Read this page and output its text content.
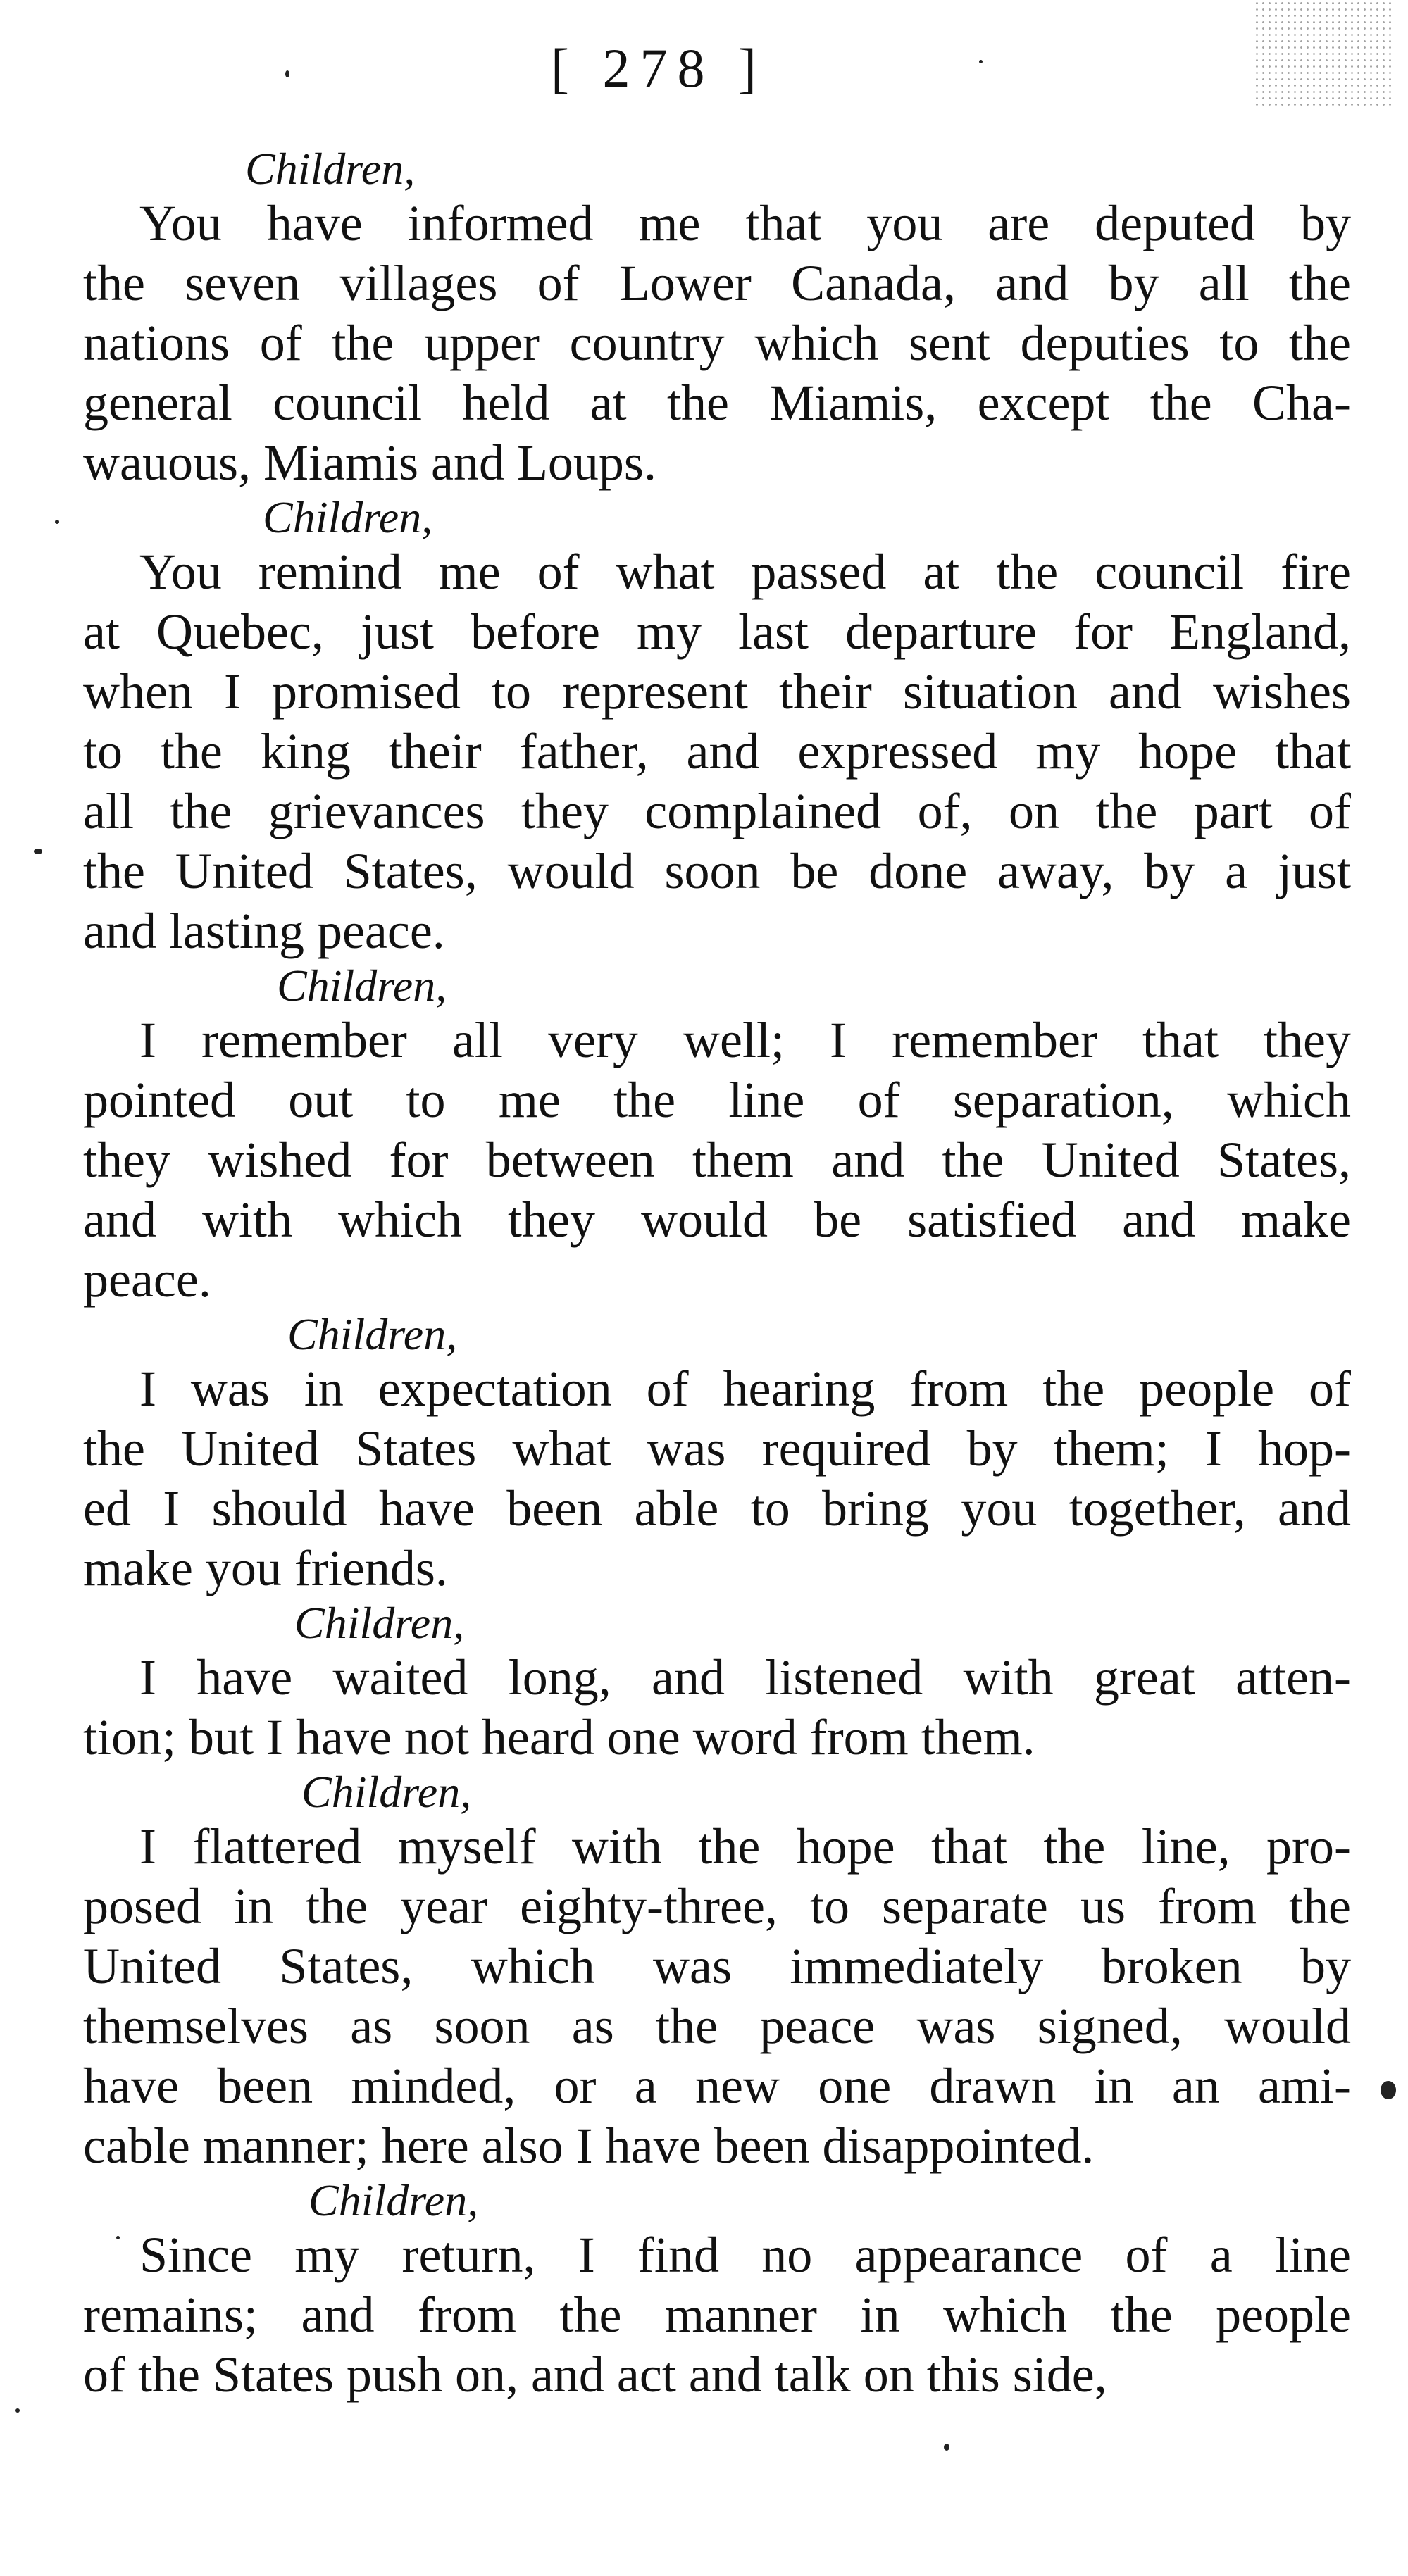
[ 278 ]
Children,
You have informed me that you are deputed by
the seven villages of Lower Canada, and by all the
nations of the upper country which sent deputies to the
general council held at the Miamis, except the Cha-
wauous, Miamis and Loups.
Children,
You remind me of what passed at the council fire
at Quebec, just before my last departure for England,
when I promised to represent their situation and wishes
to the king their father, and expressed my hope that
all the grievances they complained of, on the part of
the United States, would soon be done away, by a just
and lasting peace.
Children,
I remember all very well; I remember that they
pointed out to me the line of separation, which
they wished for between them and the United States,
and with which they would be satisfied and make
peace.
Children,
I was in expectation of hearing from the people of
the United States what was required by them; I hop-
ed I should have been able to bring you together, and
make you friends.
Children,
I have waited long, and listened with great atten-
tion; but I have not heard one word from them.
Children,
I flattered myself with the hope that the line, pro-
posed in the year eighty-three, to separate us from the
United States, which was immediately broken by
themselves as soon as the peace was signed, would
have been minded, or a new one drawn in an ami-
cable manner; here also I have been disappointed.
Children,
Since my return, I find no appearance of a line
remains; and from the manner in which the people
of the States push on, and act and talk on this side,
